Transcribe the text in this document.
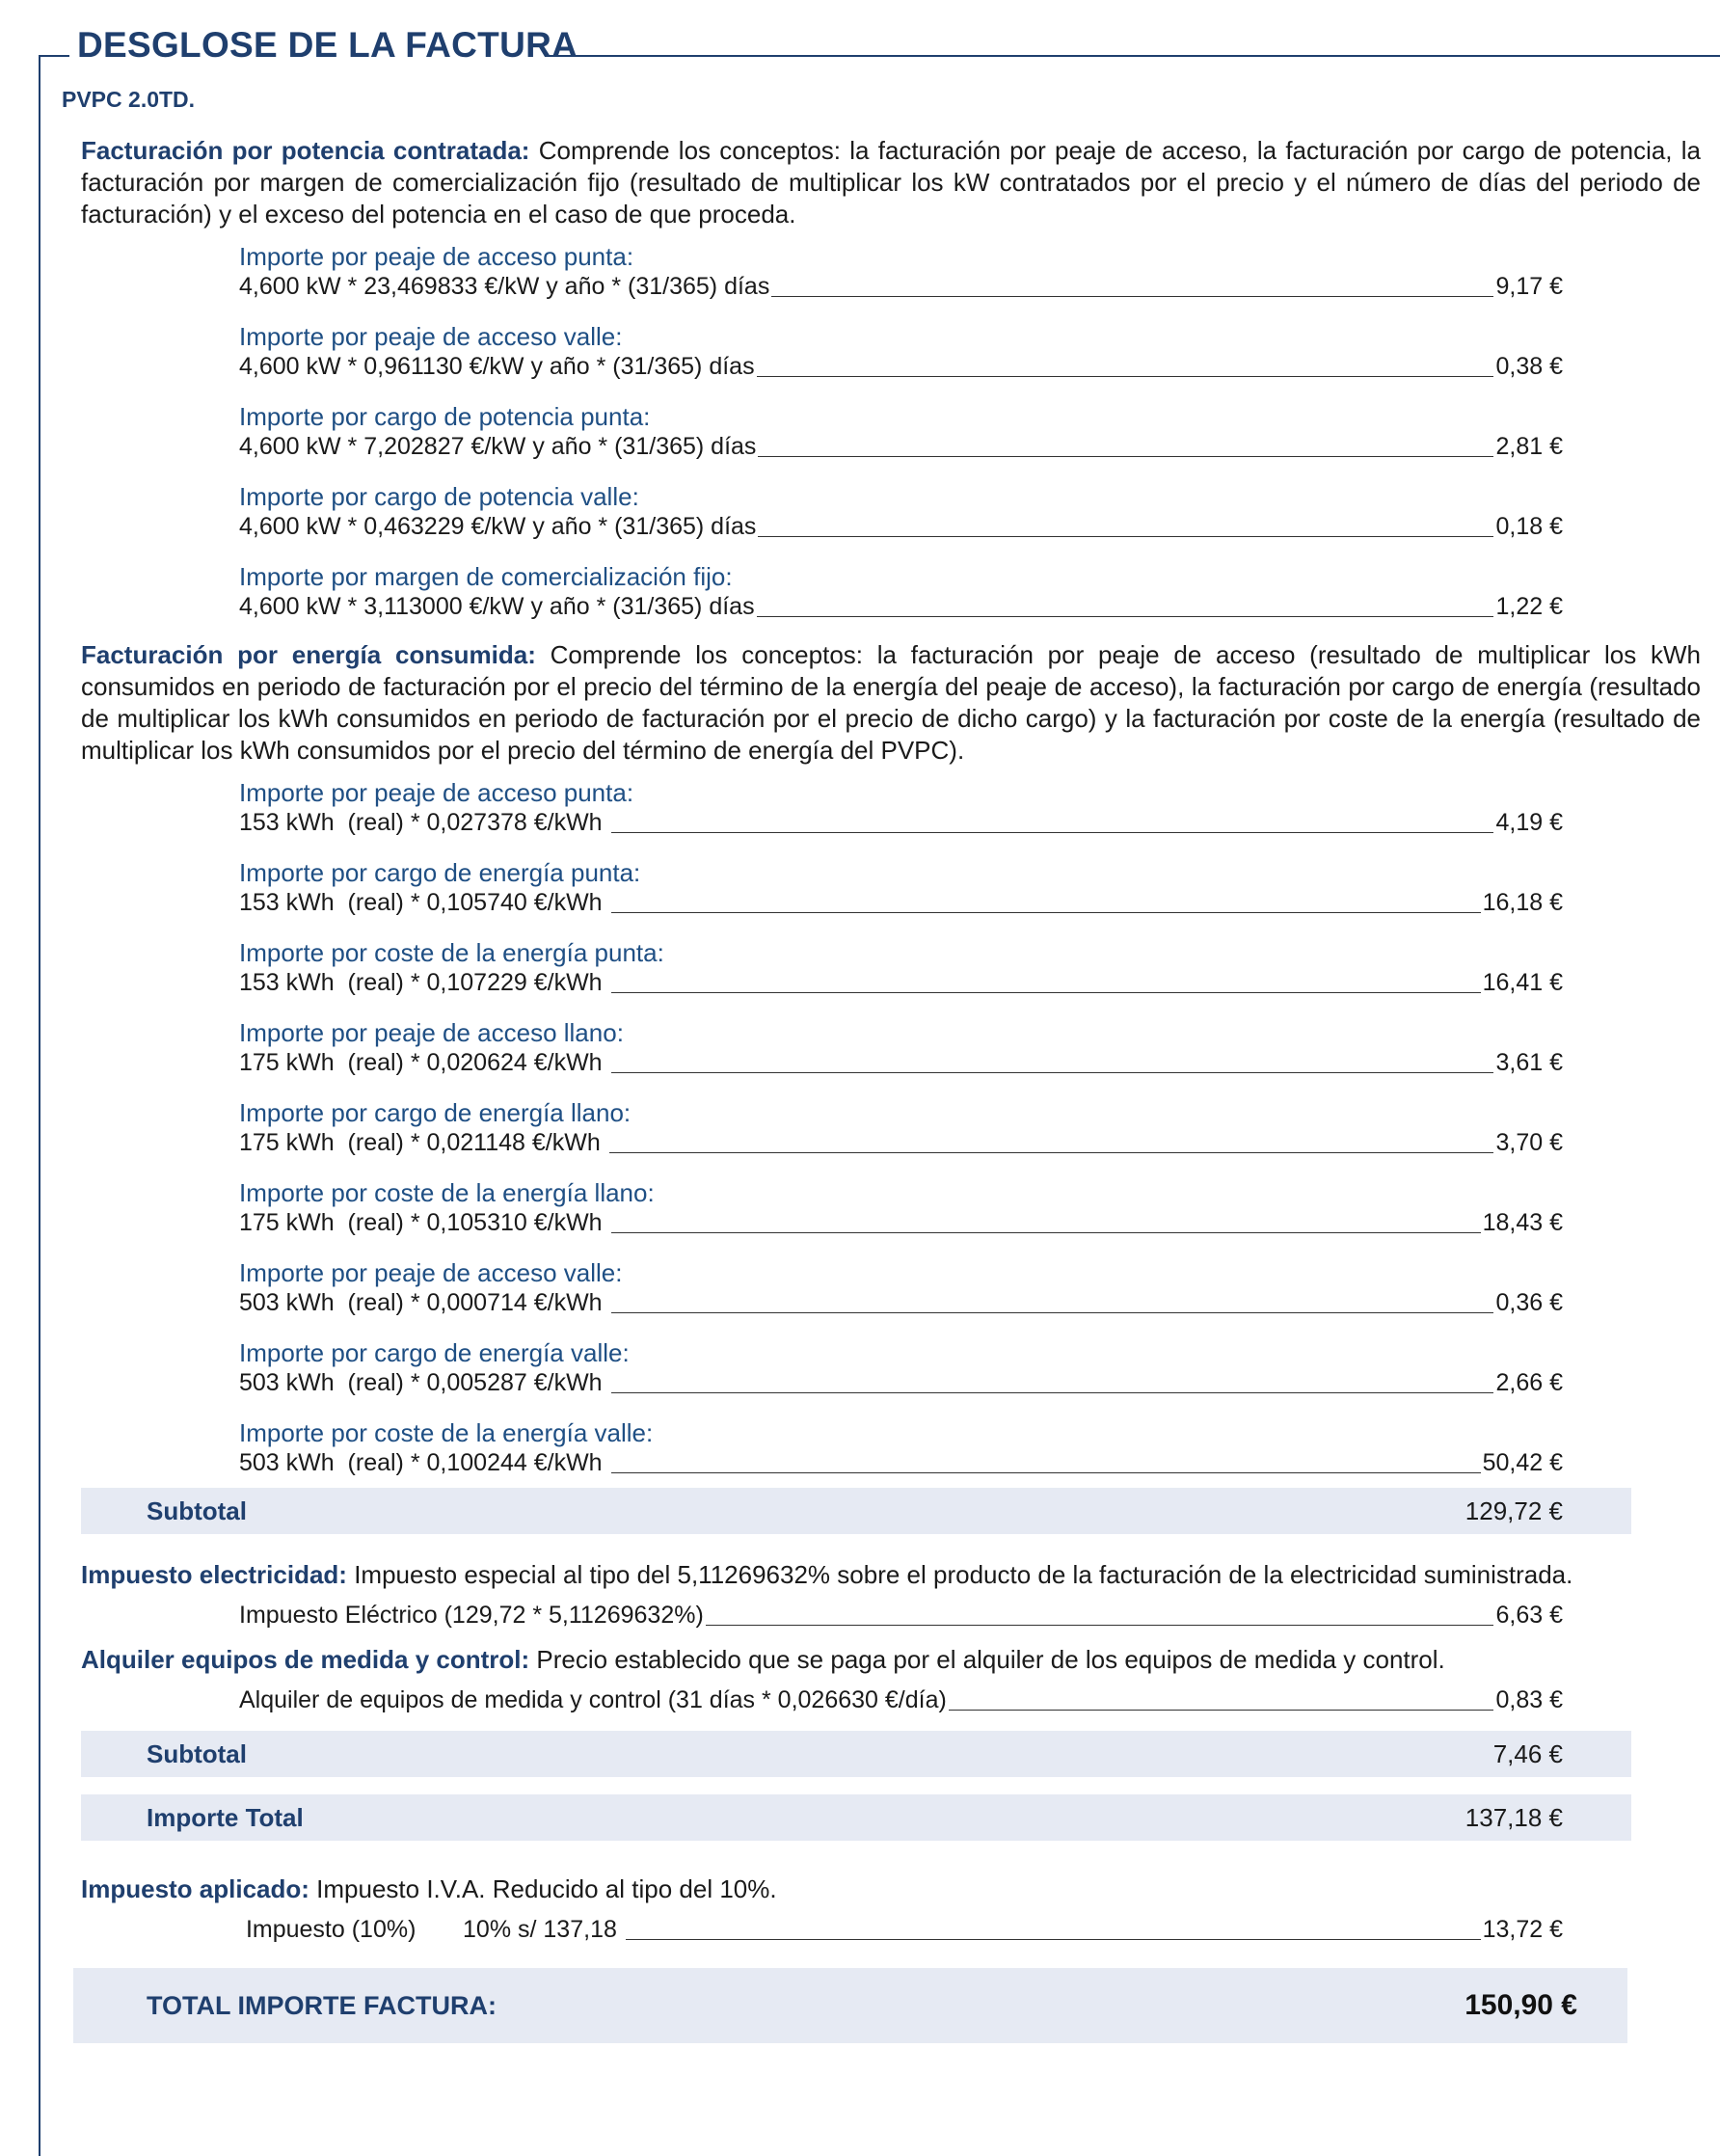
DESGLOSE DE LA FACTURA
PVPC 2.0TD.

Facturación por potencia contratada: Comprende los conceptos: la facturación por peaje de acceso, la facturación por cargo de potencia, la facturación por margen de comercialización fijo (resultado de multiplicar los kW contratados por el precio y el número de días del periodo de facturación) y el exceso del potencia en el caso de que proceda.

Importe por peaje de acceso punta:
4,600 kW * 23,469833 €/kW y año * (31/365) días	9,17 €
Importe por peaje de acceso valle:
4,600 kW * 0,961130 €/kW y año * (31/365) días	0,38 €
Importe por cargo de potencia punta:
4,600 kW * 7,202827 €/kW y año * (31/365) días	2,81 €
Importe por cargo de potencia valle:
4,600 kW * 0,463229 €/kW y año * (31/365) días	0,18 €
Importe por margen de comercialización fijo:
4,600 kW * 3,113000 €/kW y año * (31/365) días	1,22 €

Facturación por energía consumida: Comprende los conceptos: la facturación por peaje de acceso (resultado de multiplicar los kWh consumidos en periodo de facturación por el precio del término de la energía del peaje de acceso), la facturación por cargo de energía (resultado de multiplicar los kWh consumidos en periodo de facturación por el precio de dicho cargo) y la facturación por coste de la energía (resultado de multiplicar los kWh consumidos por el precio del término de energía del PVPC).

Importe por peaje de acceso punta:
153 kWh  (real) * 0,027378 €/kWh	4,19 €
Importe por cargo de energía punta:
153 kWh  (real) * 0,105740 €/kWh	16,18 €
Importe por coste de la energía punta:
153 kWh  (real) * 0,107229 €/kWh	16,41 €
Importe por peaje de acceso llano:
175 kWh  (real) * 0,020624 €/kWh	3,61 €
Importe por cargo de energía llano:
175 kWh  (real) * 0,021148 €/kWh	3,70 €
Importe por coste de la energía llano:
175 kWh  (real) * 0,105310 €/kWh	18,43 €
Importe por peaje de acceso valle:
503 kWh  (real) * 0,000714 €/kWh	0,36 €
Importe por cargo de energía valle:
503 kWh  (real) * 0,005287 €/kWh	2,66 €
Importe por coste de la energía valle:
503 kWh  (real) * 0,100244 €/kWh	50,42 €
Subtotal	129,72 €

Impuesto electricidad: Impuesto especial al tipo del 5,11269632% sobre el producto de la facturación de la electricidad suministrada.

Impuesto Eléctrico (129,72 * 5,11269632%)	6,63 €

Alquiler equipos de medida y control: Precio establecido que se paga por el alquiler de los equipos de medida y control.

Alquiler de equipos de medida y control (31 días * 0,026630 €/día)	0,83 €
Subtotal	7,46 €
Importe Total	137,18 €

Impuesto aplicado: Impuesto I.V.A. Reducido al tipo del 10%.

Impuesto (10%)       10% s/ 137,18	13,72 €
TOTAL IMPORTE FACTURA:	150,90 €
